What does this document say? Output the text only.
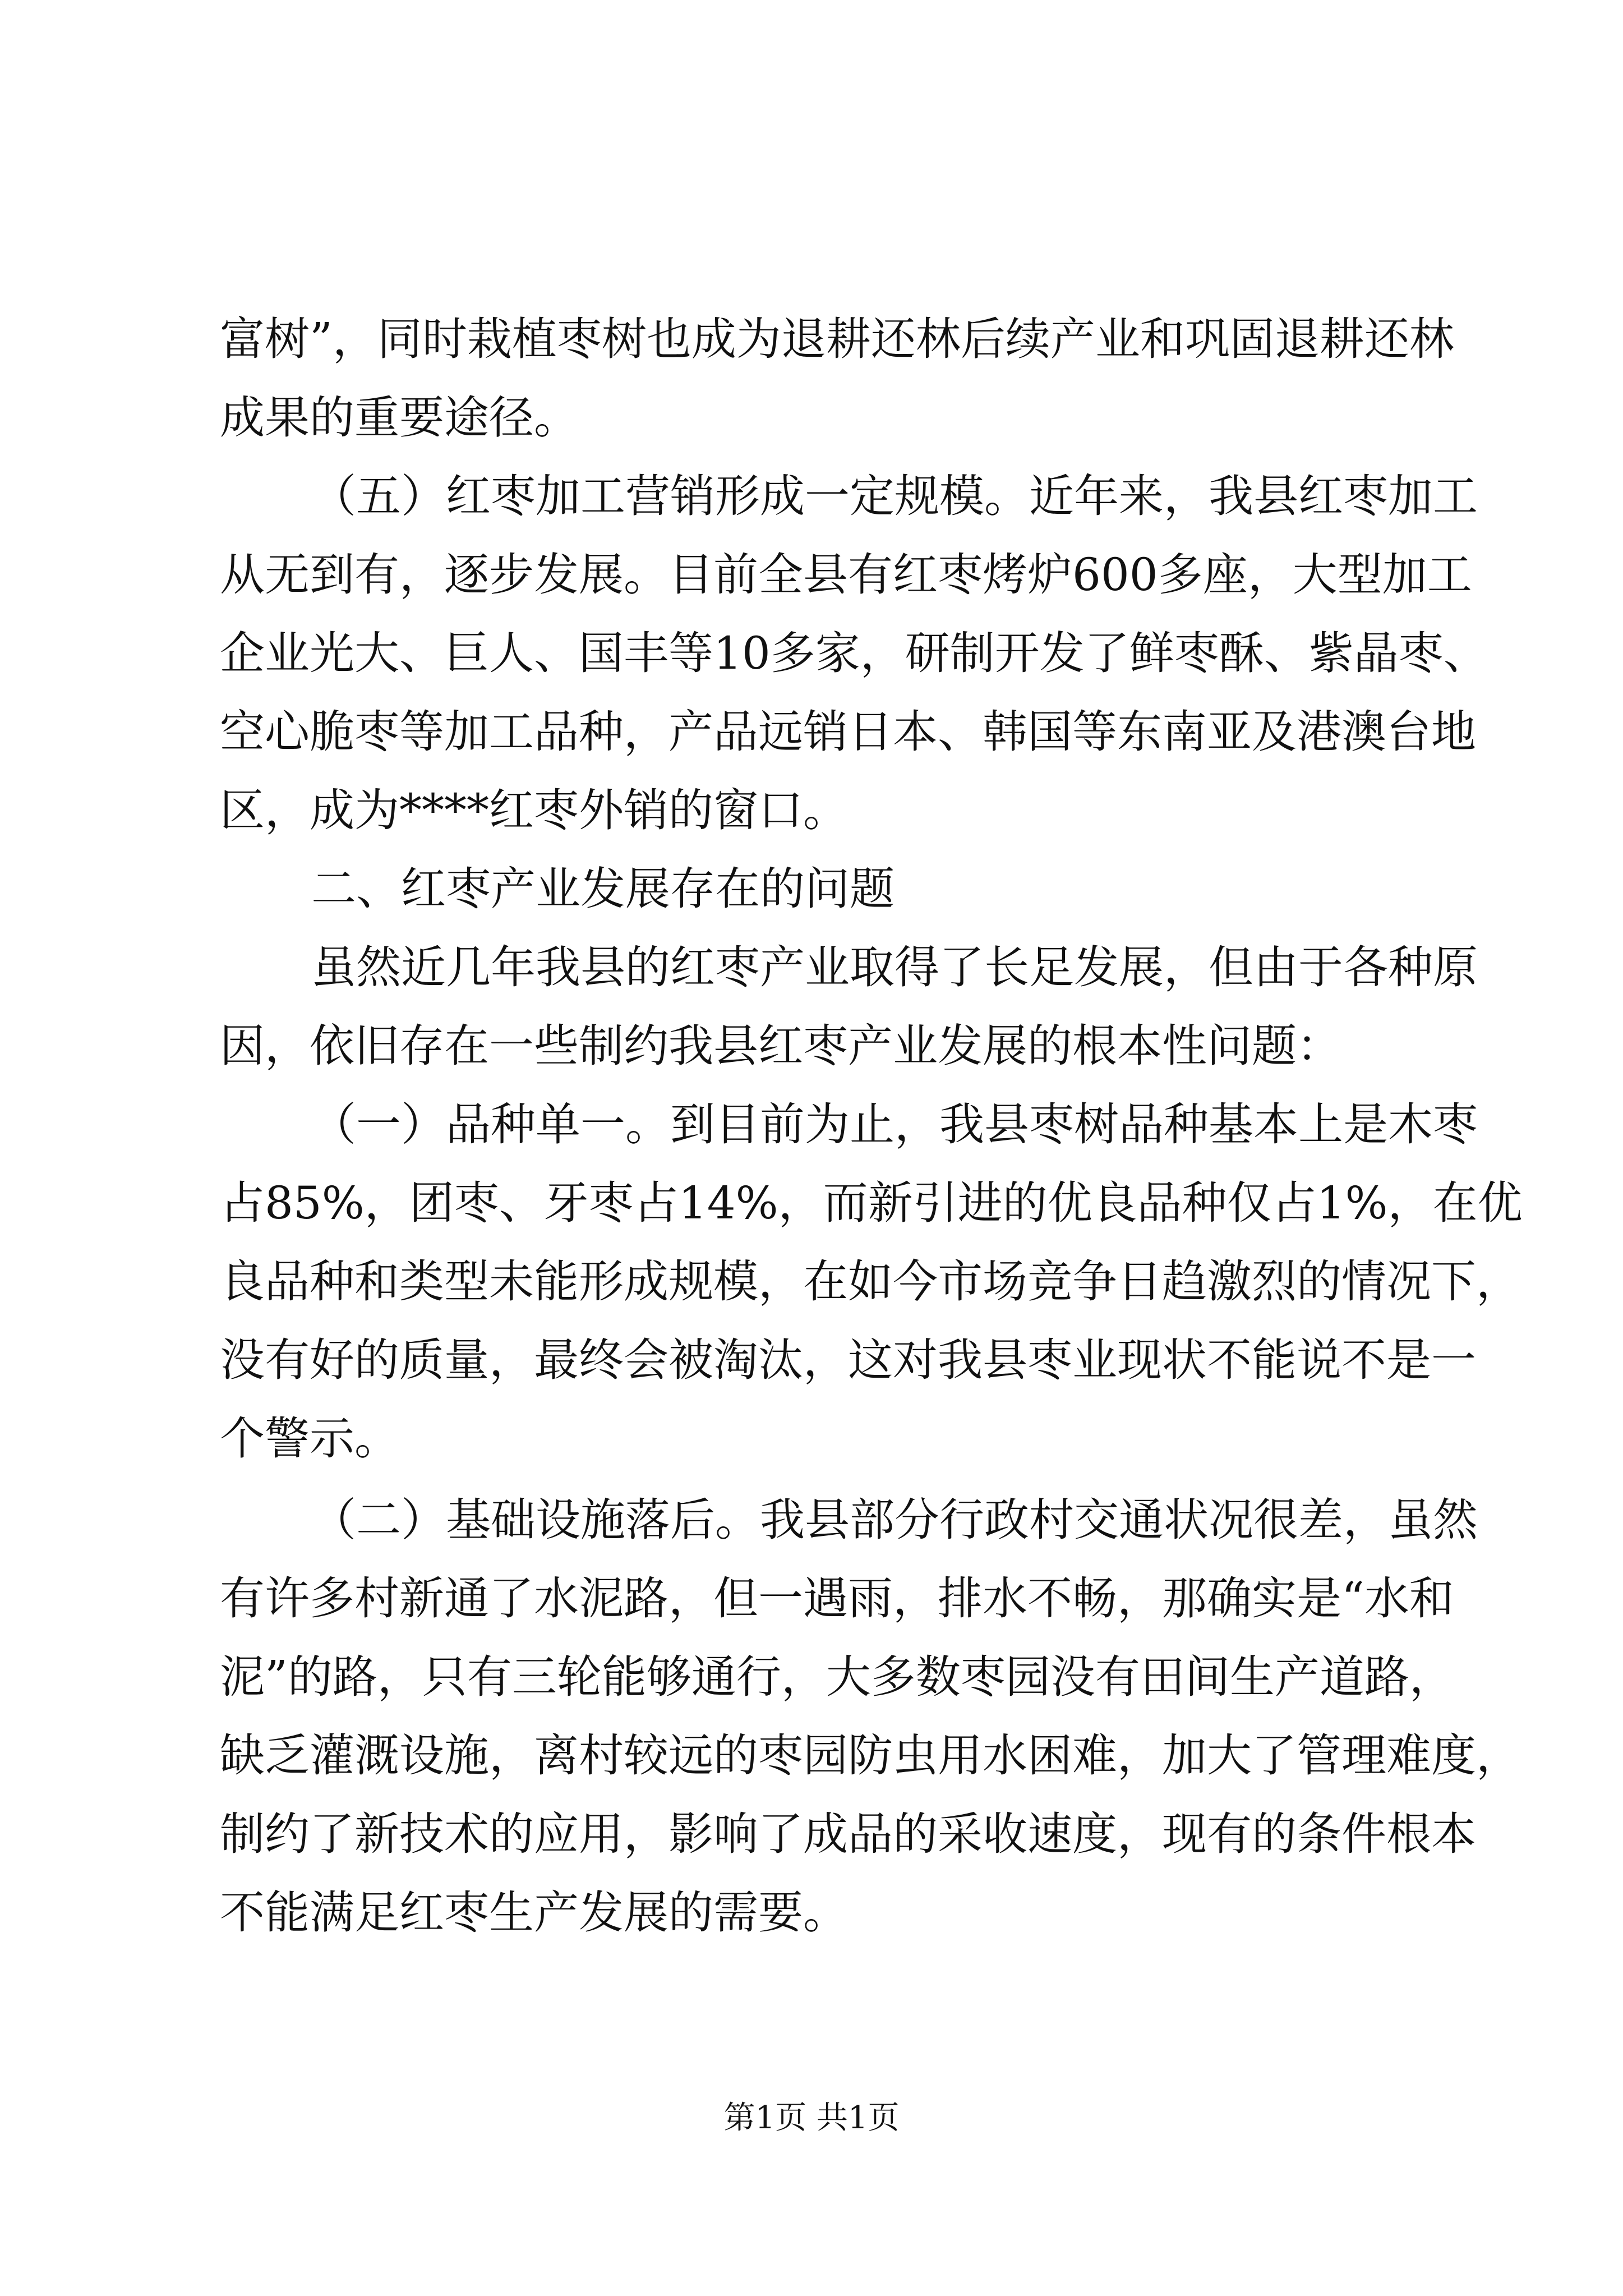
富树”，同时栽植枣树也成为退耕还林后续产业和巩固退耕还林
成果的重要途径。
（五）红枣加工营销形成一定规模。近年来，我县红枣加工
从无到有，逐步发展。目前全县有红枣烤炉600多座，大型加工
企业光大、巨人、国丰等10多家，研制开发了鲜枣酥、紫晶枣、
空心脆枣等加工品种，产品远销日本、韩国等东南亚及港澳台地
区，成为****红枣外销的窗口。
二、红枣产业发展存在的问题
虽然近几年我县的红枣产业取得了长足发展，但由于各种原
因，依旧存在一些制约我县红枣产业发展的根本性问题：
（一）品种单一。到目前为止，我县枣树品种基本上是木枣
占85%，团枣、牙枣占14%，而新引进的优良品种仅占1%，在优
良品种和类型未能形成规模，在如今市场竞争日趋激烈的情况下，
没有好的质量，最终会被淘汰，这对我县枣业现状不能说不是一
个警示。
（二）基础设施落后。我县部分行政村交通状况很差，虽然
有许多村新通了水泥路，但一遇雨，排水不畅，那确实是“水和
泥”的路，只有三轮能够通行，大多数枣园没有田间生产道路，
缺乏灌溉设施，离村较远的枣园防虫用水困难，加大了管理难度，
制约了新技术的应用，影响了成品的采收速度，现有的条件根本
不能满足红枣生产发展的需要。
第1页 共1页
